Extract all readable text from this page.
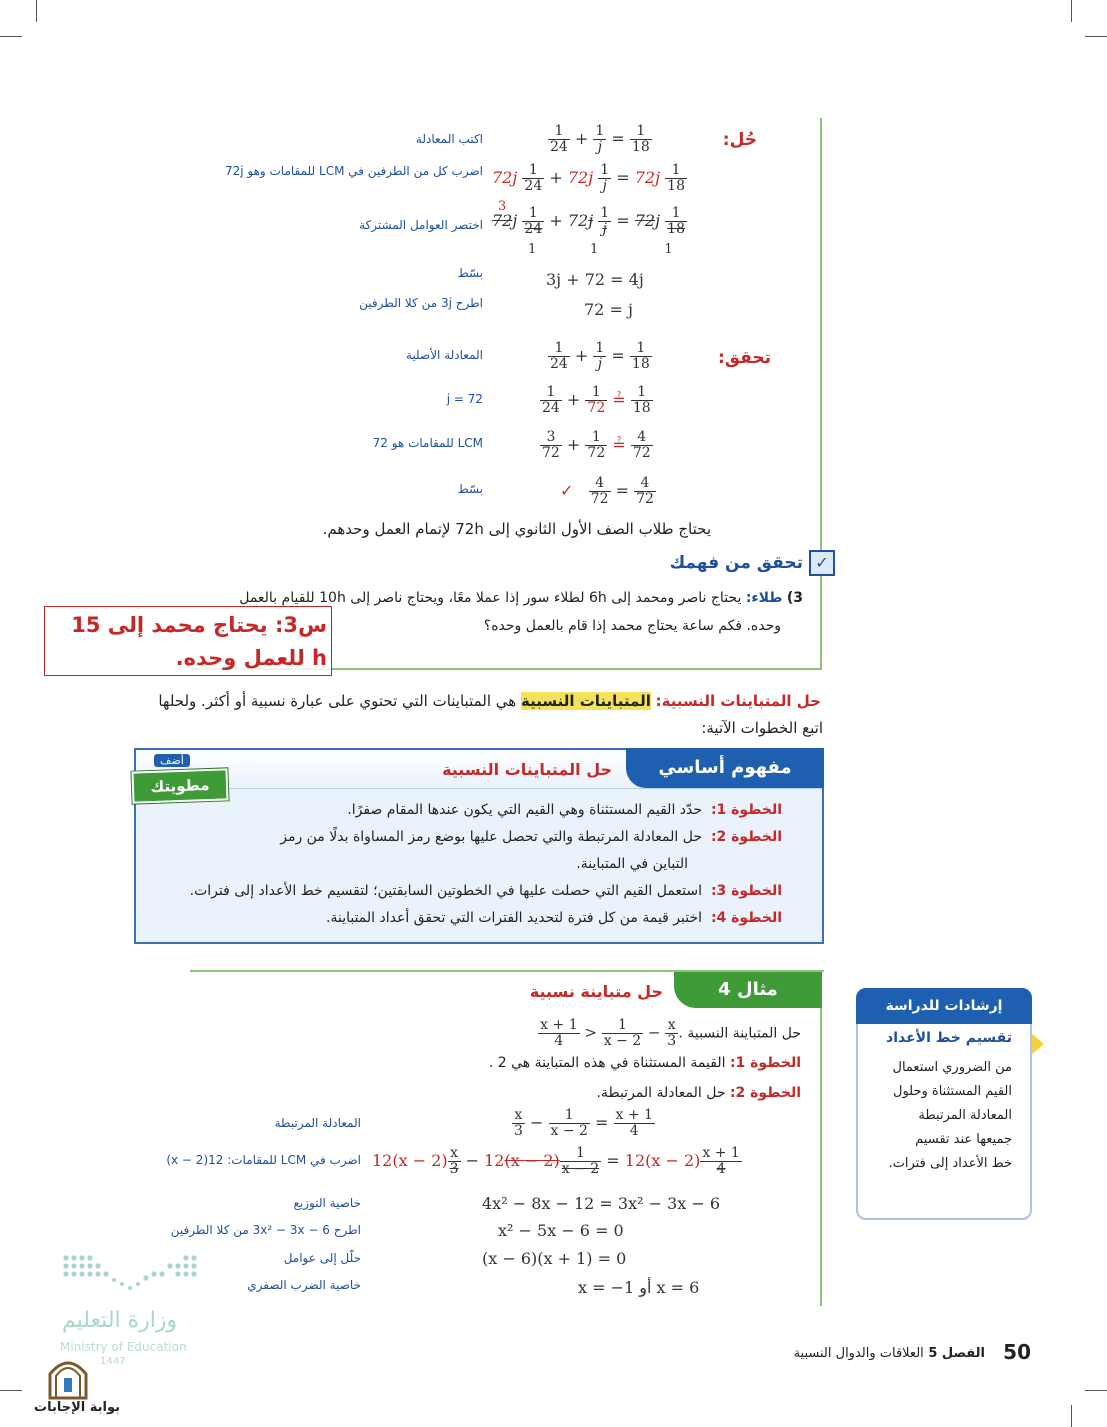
حُل:
اكتب المعادلة
اضرب كل من الطرفين في LCM للمقامات وهو 72j
اختصر العوامل المشتركة
بسّط
اطرح 3j من كلا الطرفين
$\frac{1}{24} + \frac{1}{j} = \frac{1}{18}$
$72j \frac{1}{24} + 72j \frac{1}{j} = 72j \frac{1}{18}$
3
$72j \frac{1}{24} + 72j \frac{1}{j} = 72j \frac{1}{18}$
1             1                1
3j + 72 = 4j
72 = j
تحقق:
المعادلة الأصلية
j = 72
LCM للمقامات هو 72
بسّط
$\frac{1}{24} + \frac{1}{j} = \frac{1}{18}$
$\frac{1}{24} + \frac{1}{72}$ ≟ $\frac{1}{18}$
$\frac{3}{72} + \frac{1}{72}$ ≟ $\frac{4}{72}$
✓ $\frac{4}{72} = \frac{4}{72}$
يحتاج طلاب الصف الأول الثانوي إلى 72h لإتمام العمل وحدهم.
تحقق من فهمك ✓
3) طلاء: يحتاج ناصر ومحمد إلى 6h لطلاء سور إذا عملا معًا، ويحتاج ناصر إلى 10h للقيام بالعمل
وحده. فكم ساعة يحتاج محمد إذا قام بالعمل وحده؟
س3: يحتاج محمد إلى 15 h للعمل وحده.
حل المتباينات النسبية: المتباينات النسبية هي المتباينات التي تحتوي على عبارة نسبية أو أكثر. ولحلها
اتبع الخطوات الآتية:
مفهوم أساسي
حل المتباينات النسبية
أضف
مطويتك
الخطوة 1:  حدّد القيم المستثناة وهي القيم التي يكون عندها المقام صفرًا.
الخطوة 2:  حل المعادلة المرتبطة والتي تحصل عليها بوضع رمز المساواة بدلًا من رمز
التباين في المتباينة.
الخطوة 3:  استعمل القيم التي حصلت عليها في الخطوتين السابقتين؛ لتقسيم خط الأعداد إلى فترات.
الخطوة 4:  اختبر قيمة من كل فترة لتحديد الفترات التي تحقق أعداد المتباينة.
مثال 4
حل متباينة نسبية
حل المتباينة النسبية
$\frac{x + 1}{4} > \frac{1}{x - 2} - \frac{x}{3}$ .
الخطوة 1: القيمة المستثناة في هذه المتباينة هي 2 .
الخطوة 2: حل المعادلة المرتبطة.
المعادلة المرتبطة
اضرب في LCM للمقامات: 12(x − 2)
خاصية التوزيع
اطرح 3x² − 3x − 6 من كلا الطرفين
حلّل إلى عوامل
خاصية الضرب الصفري
$\frac{x}{3} - \frac{1}{x - 2} = \frac{x + 1}{4}$
$12(x - 2) \frac{x}{3} - 12(x - 2) \frac{1}{x - 2} = 12(x - 2) \frac{x + 1}{4}$
4x² − 8x − 12 = 3x² − 3x − 6
x² − 5x − 6 = 0
(x − 6)(x + 1) = 0
x = 6 أو x = −1
إرشادات للدراسة
تقسيم خط الأعداد
من الضروري استعمال
القيم المستثناة وحلول
المعادلة المرتبطة
جميعها عند تقسيم
خط الأعداد إلى فترات.
وزارة التعليم
Ministry of Education
1447
بوابة الإجابات
50
الفصل 5 العلاقات والدوال النسبية
